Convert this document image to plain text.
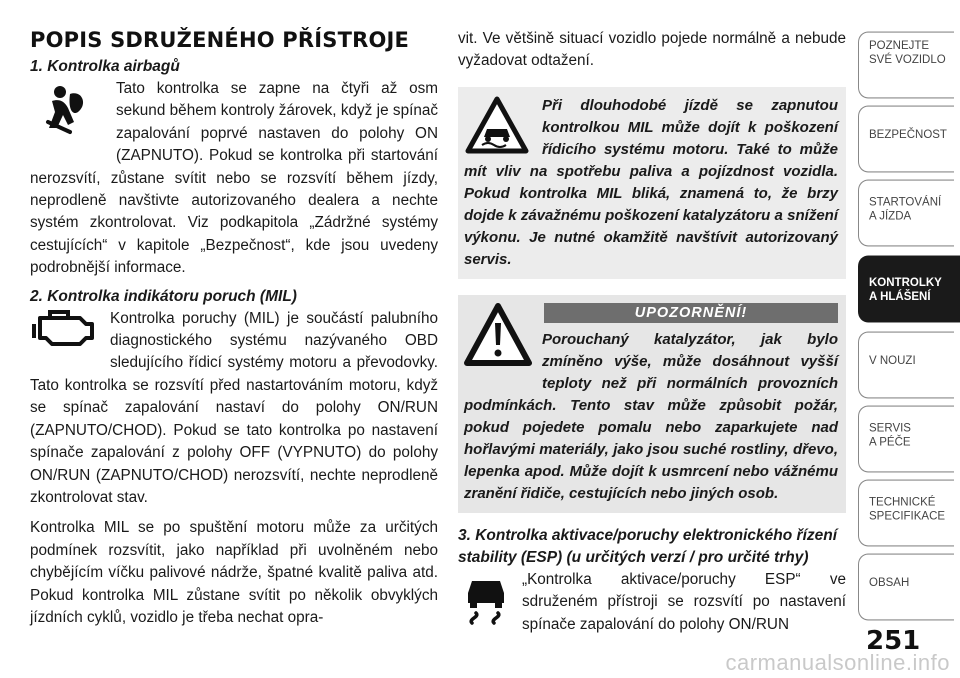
POPIS SDRUŽENÉHO PŘÍSTROJE
1. Kontrolka airbagů

Tato kontrolka se zapne na čtyři až osm sekund během kontroly žárovek, když je spínač zapalování poprvé nastaven do polohy ON (ZAPNUTO). Pokud se kontrolka při startování nerozsvítí, zůstane svítit nebo se rozsvítí během jízdy, neprodleně navštivte autorizovaného dealera a nechte systém zkontrolovat. Viz podkapitola „Zádržné systémy cestujících“ v kapitole „Bezpečnost“, kde jsou uvedeny podrobnější informace.

2. Kontrolka indikátoru poruch (MIL)

Kontrolka poruchy (MIL) je součástí palubního diagnostického systému nazývaného OBD sledujícího řídicí systémy motoru a převodovky. Tato kontrolka se rozsvítí před nastartováním motoru, když se spínač zapalování nastaví do polohy ON/RUN (ZAPNUTO/CHOD). Pokud se tato kontrolka po nastavení spínače zapalování z polohy OFF (VYPNUTO) do polohy ON/RUN (ZAPNUTO/CHOD) nerozsvítí, nechte neprodleně zkontrolovat stav.

Kontrolka MIL se po spuštění motoru může za určitých podmínek rozsvítit, jako například při uvolněném nebo chybějícím víčku palivové nádrže, špatné kvalitě paliva atd. Pokud kontrolka MIL zůstane svítit po několik obvyklých jízdních cyklů, vozidlo je třeba nechat opra-

vit. Ve většině situací vozidlo pojede normálně a nebude vyžadovat odtažení.

Při dlouhodobé jízdě se zapnutou kontrolkou MIL může dojít k poškození řídicího systému motoru. Také to může mít vliv na spotřebu paliva a pojízdnost vozidla. Pokud kontrolka MIL bliká, znamená to, že brzy dojde k závažnému poškození katalyzátoru a snížení výkonu. Je nutné okamžitě navštívit autorizovaný servis.

UPOZORNĚNÍ!

Porouchaný katalyzátor, jak bylo zmíněno výše, může dosáhnout vyšší teploty než při normálních provozních podmínkách. Tento stav může způsobit požár, pokud pojedete pomalu nebo zaparkujete nad hořlavými materiály, jako jsou suché rostliny, dřevo, lepenka apod. Může dojít k usmrcení nebo vážnému zranění řidiče, cestujících nebo jiných osob.

3. Kontrolka aktivace/poruchy elektronického řízení stability (ESP) (u určitých verzí / pro určité trhy)

„Kontrolka aktivace/poruchy ESP“ ve sdruženém přístroji se rozsvítí po nastavení spínače zapalování do polohy ON/RUN

POZNEJTE
SVÉ VOZIDLO
BEZPEČNOST
STARTOVÁNÍ
A JÍZDA
KONTROLKY
A HLÁŠENÍ
V NOUZI
SERVIS
A PÉČE
TECHNICKÉ
SPECIFIKACE
OBSAH
251
carmanualsonline.info
